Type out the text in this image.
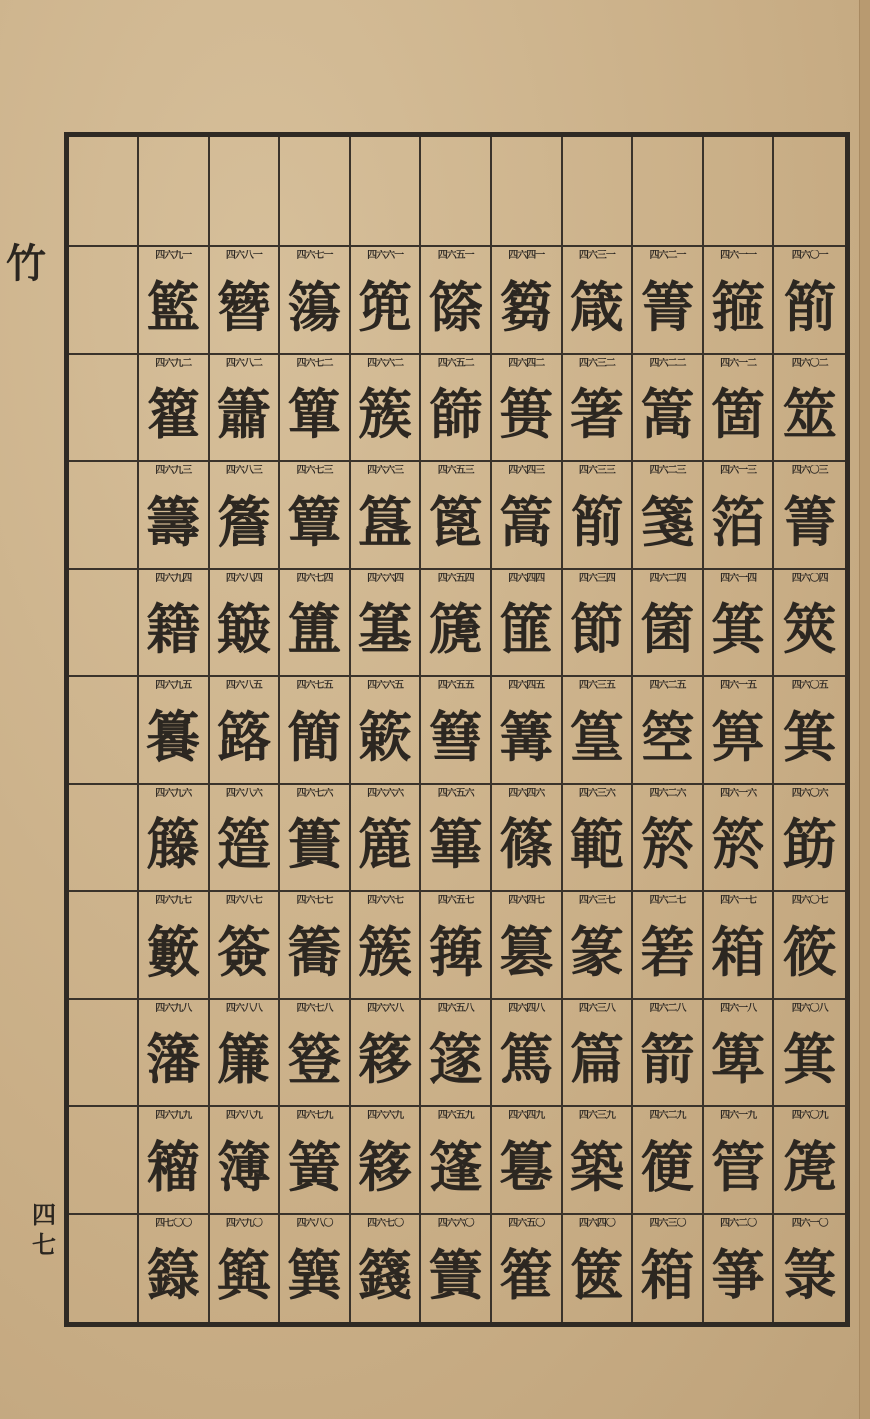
竹	四六九一
籃
四六八一
簪
四六七一
簜
四六六一
篼
四六五一
篨
四六四一
篘
四六三一
箴
四六二一
箐
四六一一
箍
四六〇一
箾
四六九二
籊
四六八二
簫
四六七二
簞
四六六二
簇
四六五二
篩
四六四二
篑
四六三二
箸
四六二二
篙
四六一二
箇
四六〇二
筮
四六九三
籌
四六八三
簷
四六七三
簟
四六六三
簋
四六五三
篦
四六四三
篙
四六三三
箾
四六二三
箋
四六一三
箔
四六〇三
箐
四六九四
籍
四六八四
簸
四六七四
簠
四六六四
簊
四六五四
篪
四六四四
篚
四六三四
節
四六二四
箘
四六一四
箕
四六〇四
筴
四六九五
籑
四六八五
簬
四六七五
簡
四六六五
簌
四六五五
篲
四六四五
篝
四六三五
篁
四六二五
箜
四六一五
箅
四六〇五
箕
四六九六
籐
四六八六
簉
四六七六
簣
四六六六
簏
四六五六
篳
四六四六
篠
四六三六
範
四六二六
箊
四六一六
箊
四六〇六
筯
四六九七
籔
四六八七
簽
四六七七
簥
四六六七
簇
四六五七
篺
四六四七
篡
四六三七
篆
四六二七
箬
四六一七
箱
四六〇七
筱
四六九八
籓
四六八八
簾
四六七八
簦
四六六八
簃
四六五八
篴
四六四八
篤
四六三八
篇
四六二八
箭
四六一八
箄
四六〇八
箕
四六九九
籕
四六八九
簿
四六七九
簧
四六六九
簃
四六五九
篷
四六四九
篹
四六三九
築
四六二九
箯
四六一九
管
四六〇九
箎
四七〇〇
籙
四六九〇
籅
四六八〇
簨
四六七〇
籛
四六六〇
簀
四六五〇
篧
四六四〇
篋
四六三〇
箱
四六二〇
箏
四六一〇
箓
四
七
